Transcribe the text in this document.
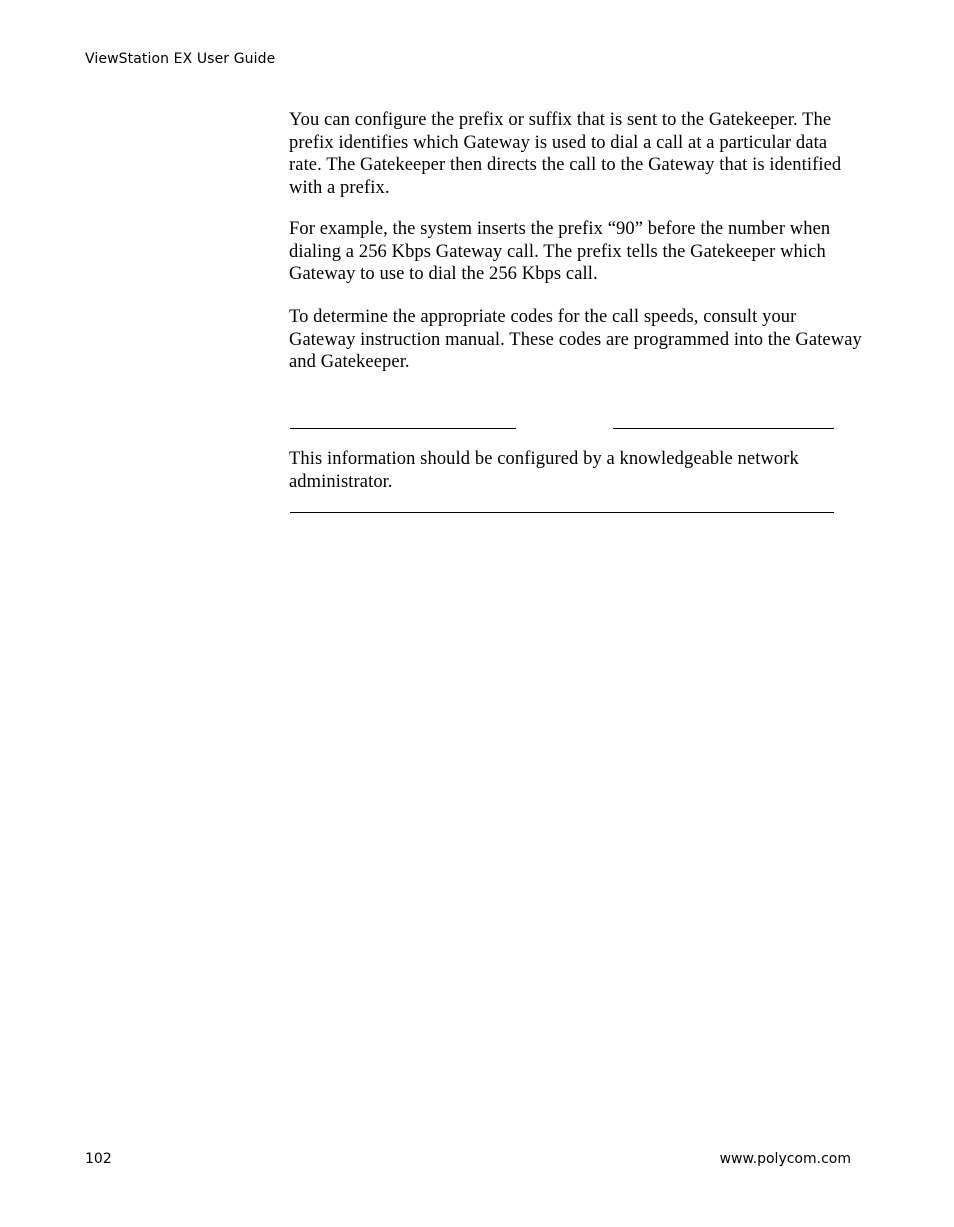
ViewStation EX User Guide

You can configure the prefix or suffix that is sent to the Gatekeeper. The prefix identifies which Gateway is used to dial a call at a particular data rate. The Gatekeeper then directs the call to the Gateway that is identified with a prefix.

For example, the system inserts the prefix “90” before the number when dialing a 256 Kbps Gateway call. The prefix tells the Gatekeeper which Gateway to use to dial the 256 Kbps call.

To determine the appropriate codes for the call speeds, consult your Gateway instruction manual. These codes are programmed into the Gateway and Gatekeeper.

This information should be configured by a knowledgeable network administrator.

102	www.polycom.com
